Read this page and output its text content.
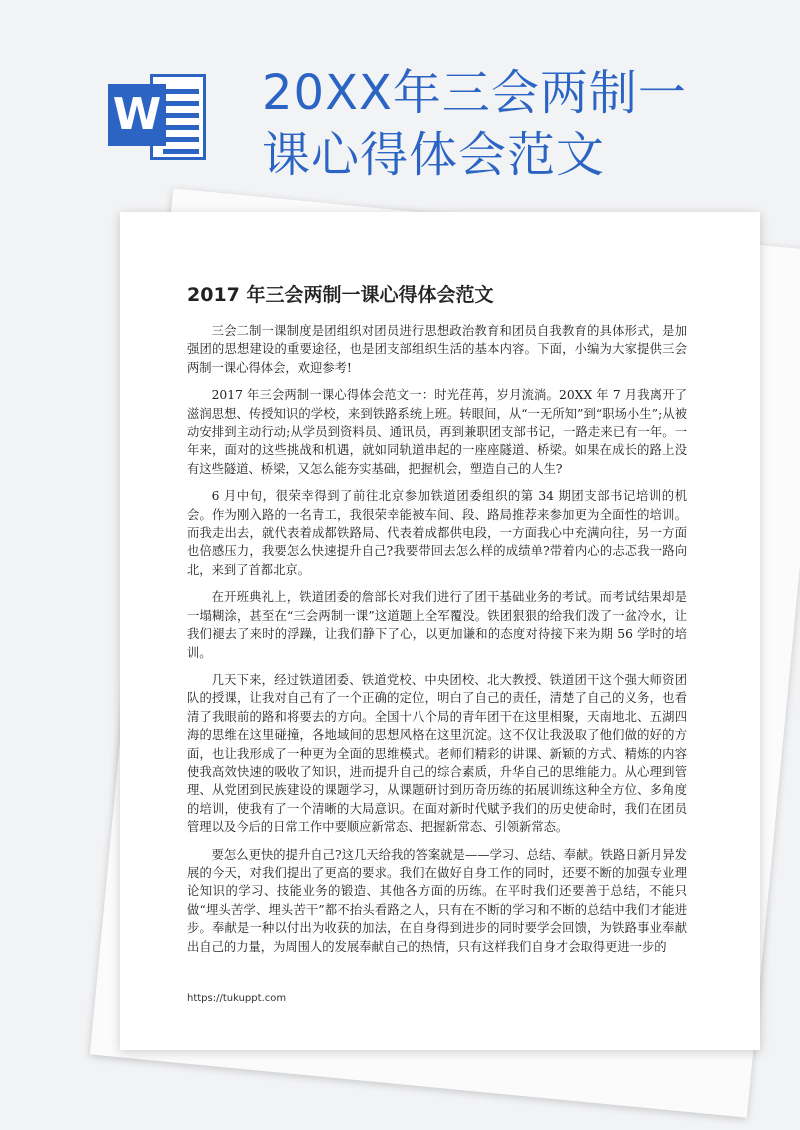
W 20XX年三会两制一
课心得体会范文
2017 年三会两制一课心得体会范文

三会二制一课制度是团组织对团员进行思想政治教育和团员自我教育的具体形式，是加强团的思想建设的重要途径，也是团支部组织生活的基本内容。下面，小编为大家提供三会两制一课心得体会，欢迎参考!

2017 年三会两制一课心得体会范文一：时光荏苒，岁月流淌。20XX 年 7 月我离开了滋润思想、传授知识的学校，来到铁路系统上班。转眼间，从“一无所知”到“职场小生”;从被动安排到主动行动;从学员到资料员、通讯员，再到兼职团支部书记，一路走来已有一年。一年来，面对的这些挑战和机遇，就如同轨道串起的一座座隧道、桥梁。如果在成长的路上没有这些隧道、桥梁，又怎么能夯实基础，把握机会，塑造自己的人生?

6 月中旬，很荣幸得到了前往北京参加铁道团委组织的第 34 期团支部书记培训的机会。作为刚入路的一名青工，我很荣幸能被车间、段、路局推荐来参加更为全面性的培训。而我走出去，就代表着成都铁路局、代表着成都供电段，一方面我心中充满向往，另一方面也倍感压力，我要怎么快速提升自己?我要带回去怎么样的成绩单?带着内心的忐忑我一路向北，来到了首都北京。

在开班典礼上，铁道团委的詹部长对我们进行了团干基础业务的考试。而考试结果却是一塌糊涂，甚至在“三会两制一课”这道题上全军覆没。铁团狠狠的给我们泼了一盆冷水，让我们褪去了来时的浮躁，让我们静下了心，以更加谦和的态度对待接下来为期 56 学时的培训。

几天下来，经过铁道团委、铁道党校、中央团校、北大教授、铁道团干这个强大师资团队的授课，让我对自己有了一个正确的定位，明白了自己的责任，清楚了自己的义务，也看清了我眼前的路和将要去的方向。全国十八个局的青年团干在这里相聚，天南地北、五湖四海的思维在这里碰撞，各地域间的思想风格在这里沉淀。这不仅让我汲取了他们做的好的方面，也让我形成了一种更为全面的思维模式。老师们精彩的讲课、新颖的方式、精炼的内容使我高效快速的吸收了知识，进而提升自己的综合素质，升华自己的思维能力。从心理到管理、从党团到民族建设的课题学习，从课题研讨到历奇历练的拓展训练这种全方位、多角度的培训，使我有了一个清晰的大局意识。在面对新时代赋予我们的历史使命时，我们在团员管理以及今后的日常工作中要顺应新常态、把握新常态、引领新常态。

要怎么更快的提升自己?这几天给我的答案就是——学习、总结、奉献。铁路日新月异发展的今天，对我们提出了更高的要求。我们在做好自身工作的同时，还要不断的加强专业理论知识的学习、技能业务的锻造、其他各方面的历练。在平时我们还要善于总结，不能只做“埋头苦学、埋头苦干”都不抬头看路之人，只有在不断的学习和不断的总结中我们才能进步。奉献是一种以付出为收获的加法，在自身得到进步的同时要学会回馈，为铁路事业奉献出自己的力量，为周围人的发展奉献自己的热情，只有这样我们自身才会取得更进一步的

https://tukuppt.com
